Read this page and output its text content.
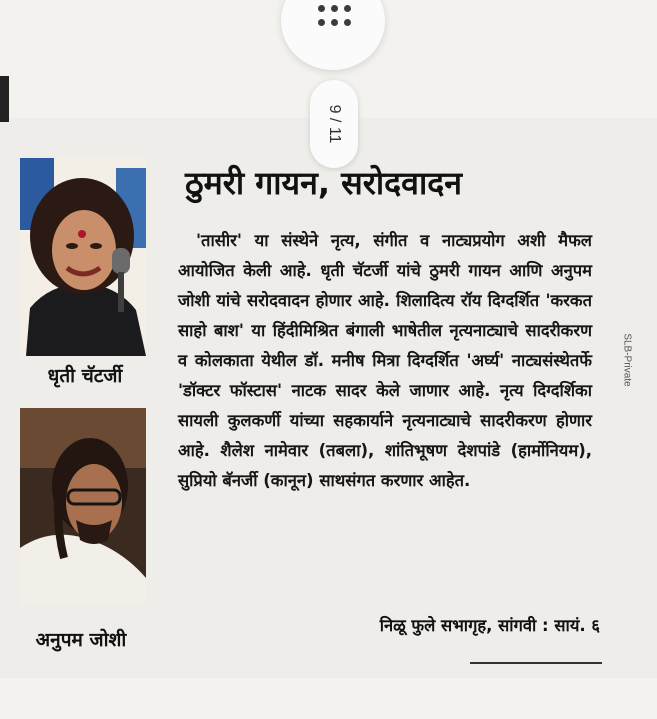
9 / 11
ठुमरी गायन, सरोदवादन

'तासीर' या संस्थेने नृत्य, संगीत व नाट्यप्रयोग अशी मैफल आयोजित केली आहे. धृती चॅटर्जी यांचे ठुमरी गायन आणि अनुपम जोशी यांचे सरोदवादन होणार आहे. शिलादित्य रॉय दिग्दर्शित 'करकत साहो बाश' या हिंदीमिश्रित बंगाली भाषेतील नृत्यनाट्याचे सादरीकरण व कोलकाता येथील डॉ. मनीष मित्रा दिग्दर्शित 'अर्घ्य' नाट्यसंस्थेतर्फे 'डॉक्टर फॉस्टास' नाटक सादर केले जाणार आहे. नृत्य दिग्दर्शिका सायली कुलकर्णी यांच्या सहकार्याने नृत्यनाट्याचे सादरीकरण होणार आहे. शैलेश नामेवार (तबला), शांतिभूषण देशपांडे (हार्मोनियम), सुप्रियो बॅनर्जी (कानून) साथसंगत करणार आहेत.

निळू फुले सभागृह, सांगवी : सायं. ६
धृती चॅटर्जी
अनुपम जोशी
SLB-Private
